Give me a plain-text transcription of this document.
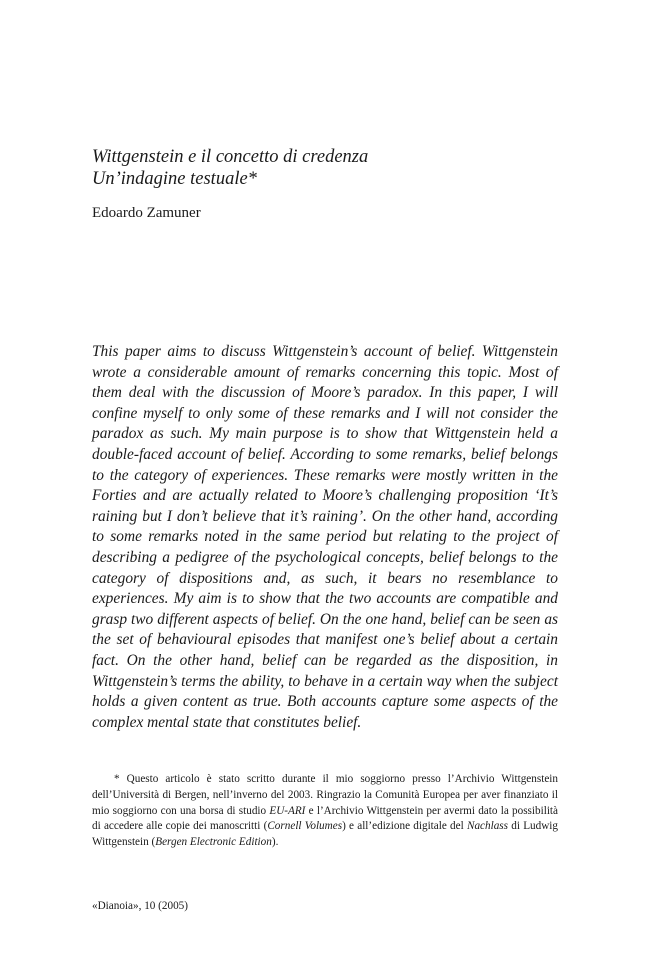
Wittgenstein e il concetto di credenza
Un’indagine testuale*

Edoardo Zamuner

This paper aims to discuss Wittgenstein’s account of belief. Wittgenstein wrote a considerable amount of remarks concerning this topic. Most of them deal with the discussion of Moore’s paradox. In this paper, I will confine myself to only some of these remarks and I will not consider the paradox as such. My main purpose is to show that Wittgenstein held a double-faced account of belief. According to some remarks, belief belongs to the category of experiences. These remarks were mostly written in the Forties and are actually related to Moore’s challenging proposition ‘It’s raining but I don’t believe that it’s raining’. On the other hand, according to some remarks noted in the same period but relating to the project of describing a pedigree of the psychological concepts, belief belongs to the category of dispositions and, as such, it bears no resemblance to experiences. My aim is to show that the two accounts are compatible and grasp two different aspects of belief. On the one hand, belief can be seen as the set of behavioural episodes that manifest one’s belief about a certain fact. On the other hand, belief can be regarded as the disposition, in Wittgenstein’s terms the ability, to behave in a certain way when the subject holds a given content as true. Both accounts capture some aspects of the complex mental state that constitutes belief.

* Questo articolo è stato scritto durante il mio soggiorno presso l’Archivio Wittgenstein dell’Università di Bergen, nell’inverno del 2003. Ringrazio la Comunità Europea per aver finanziato il mio soggiorno con una borsa di studio EU-ARI e l’Archivio Wittgenstein per avermi dato la possibilità di accedere alle copie dei manoscritti (Cornell Volumes) e all’edizione digitale del Nachlass di Ludwig Wittgenstein (Bergen Electronic Edition).

«Dianoia», 10 (2005)
